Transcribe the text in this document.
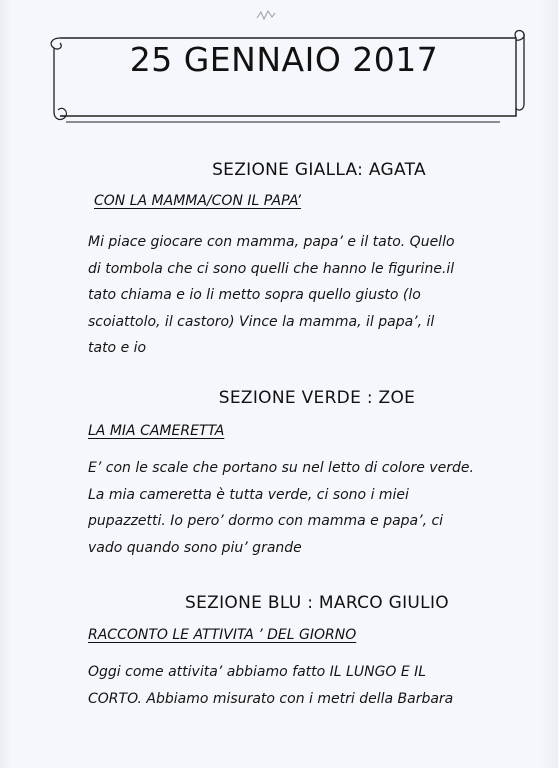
25 GENNAIO 2017
SEZIONE GIALLA: AGATA
CON LA MAMMA/CON IL PAPA’
Mi piace giocare con mamma, papa’ e il tato. Quello
di tombola che ci sono quelli che hanno le figurine.il
tato chiama e io li metto sopra quello giusto (lo
scoiattolo, il castoro) Vince la mamma, il papa’, il
tato e io
SEZIONE VERDE : ZOE
LA MIA CAMERETTA
E’ con le scale che portano su nel letto di colore verde.
La mia cameretta è tutta verde, ci sono i miei
pupazzetti. Io pero’ dormo con mamma e papa’, ci
vado quando sono piu’ grande
SEZIONE BLU : MARCO GIULIO
RACCONTO LE ATTIVITA ’ DEL GIORNO
Oggi come attivita’ abbiamo fatto IL LUNGO E IL
CORTO. Abbiamo misurato con i metri della Barbara
